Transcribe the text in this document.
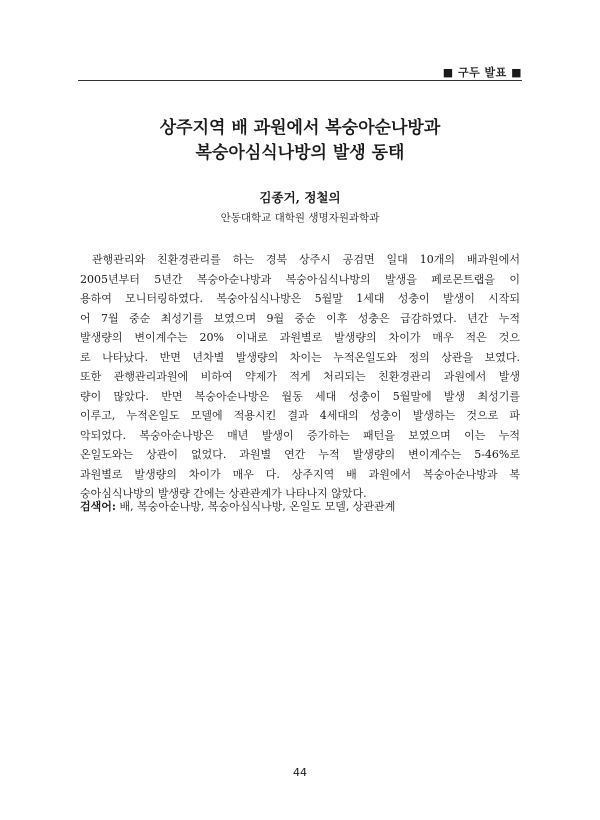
■ 구두 발표 ■
상주지역 배 과원에서 복숭아순나방과
복숭아심식나방의 발생 동태
김종거, 정철의
안동대학교 대학원 생명자원과학과
관행관리와 친환경관리를 하는 경북 상주시 공검면 일대 10개의 배과원에서
2005년부터 5년간 복숭아순나방과 복숭아심식나방의 발생을 페로몬트랩을 이
용하여 모니터링하였다. 복숭아심식나방은 5월말 1세대 성충이 발생이 시작되
어 7월 중순 최성기를 보였으며 9월 중순 이후 성충은 급감하였다. 년간 누적
발생량의 변이계수는 20% 이내로 과원별로 발생량의 차이가 매우 적은 것으
로 나타났다. 반면 년차별 발생량의 차이는 누적온일도와 정의 상관을 보였다.
또한 관행관리과원에 비하여 약제가 적게 처리되는 친환경관리 과원에서 발생
량이 많았다. 반면 복숭아순나방은 월동 세대 성충이 5월말에 발생 최성기를
이루고, 누적온일도 모델에 적용시킨 결과 4세대의 성충이 발생하는 것으로 파
악되었다. 복숭아순나방은 매년 발생이 증가하는 패턴을 보였으며 이는 누적
온일도와는 상관이 없었다. 과원별 연간 누적 발생량의 변이계수는 5-46%로
과원별로 발생량의 차이가 매우 다. 상주지역 배 과원에서 복숭아순나방과 복
숭아심식나방의 발생량 간에는 상관관계가 나타나지 않았다.
검색어: 배, 복숭아순나방, 복숭아심식나방, 온일도 모델, 상관관계
44
